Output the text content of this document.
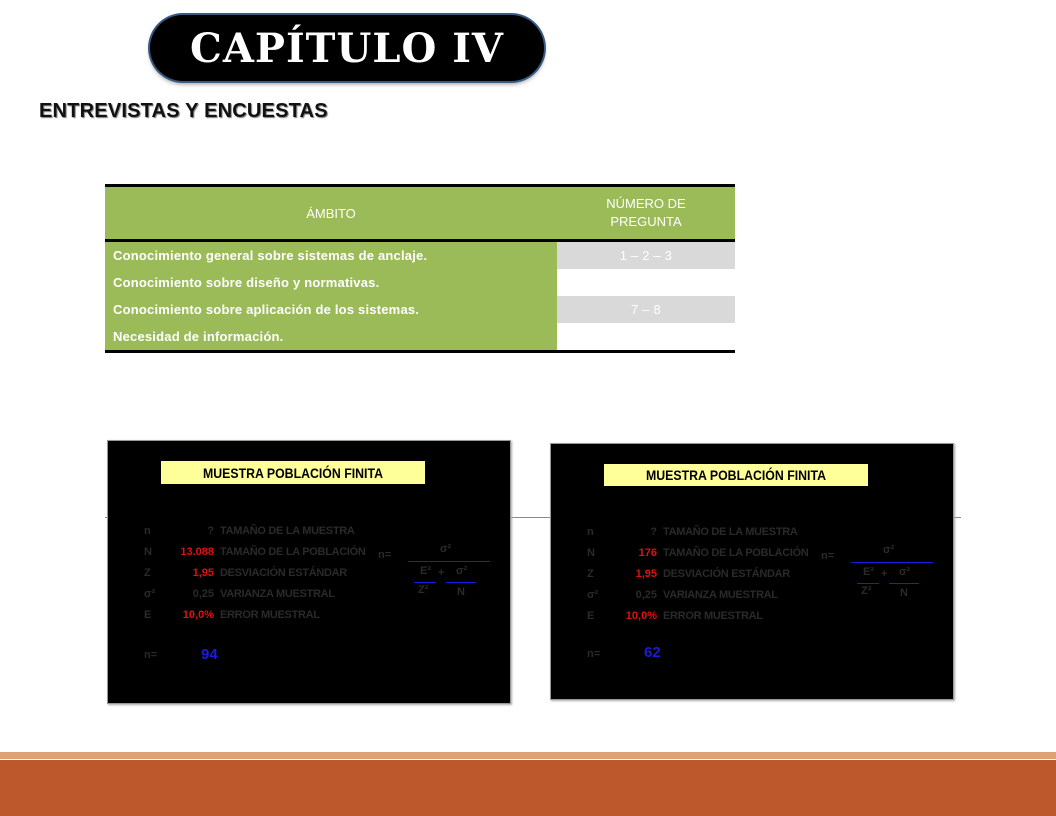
CAPÍTULO IV
ENTREVISTAS Y ENCUESTAS
ÁMBITO	NÚMERO DE PREGUNTA
Conocimiento general sobre sistemas de anclaje.	1 – 2 – 3
Conocimiento sobre diseño y normativas.	
Conocimiento sobre aplicación de los sistemas.	7 – 8
Necesidad de información.	
MUESTRA POBLACIÓN FINITA
n	? TAMAÑO DE LA MUESTRA
N	13.088 TAMAÑO DE LA POBLACIÓN
Z	1,95 DESVIACIÓN ESTÁNDAR
σ²	0,25 VARIANZA MUESTRAL
E	10,0% ERROR MUESTRAL
n=	σ²
E² + σ²
Z²	N
n=	94
MUESTRA POBLACIÓN FINITA
n	? TAMAÑO DE LA MUESTRA
N	176 TAMAÑO DE LA POBLACIÓN
Z	1,95 DESVIACIÓN ESTÁNDAR
σ²	0,25 VARIANZA MUESTRAL
E	10,0% ERROR MUESTRAL
n=	σ²
E² + σ²
Z²	N
n=	62
